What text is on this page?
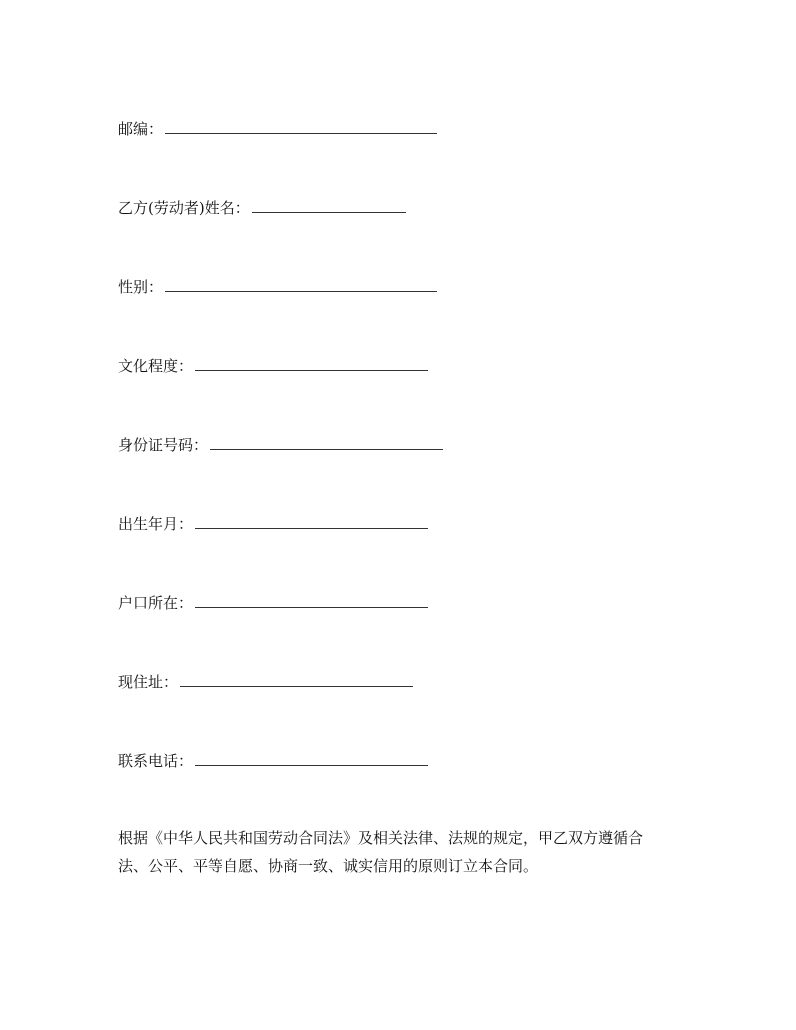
邮编：
乙方(劳动者)姓名：
性别：
文化程度：
身份证号码：
出生年月：
户口所在：
现住址：
联系电话：
根据《中华人民共和国劳动合同法》及相关法律、法规的规定，甲乙双方遵循合
法、公平、平等自愿、协商一致、诚实信用的原则订立本合同。
